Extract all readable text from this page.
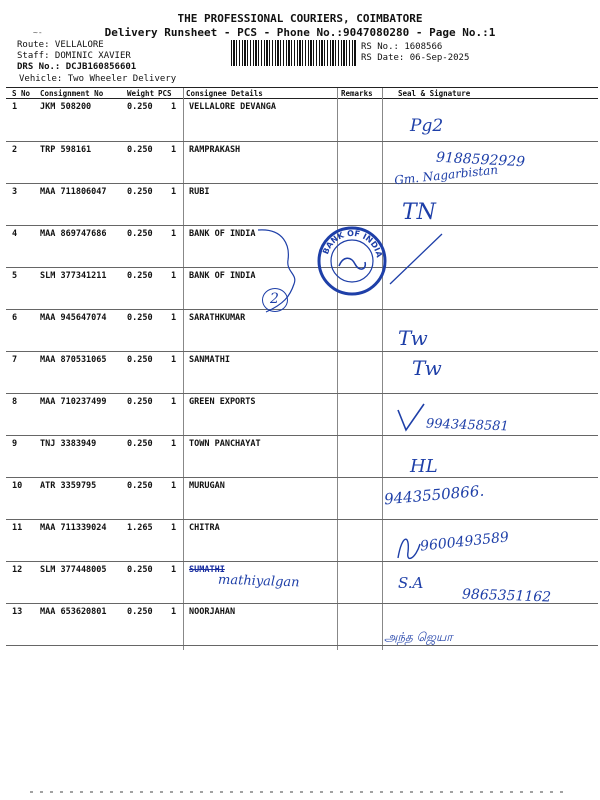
THE PROFESSIONAL COURIERS, COIMBATORE
Delivery Runsheet - PCS - Phone No.:9047080280 - Page No.:1
~-
Route: VELLALORE
Staff: DOMINIC XAVIER
DRS No.: DCJB160856601
Vehicle: Two Wheeler Delivery
RS No.: 1608566
RS Date: 06-Sep-2025
S No Consignment No	Weight PCS Consignee Details	Remarks	Seal & Signature
1	JKM 508200	0.250 1 VELLALORE DEVANGA
2	TRP 598161	0.250 1 RAMPRAKASH
3	MAA 711806047 0.250 1 RUBI
4	MAA 869747686 0.250 1 BANK OF INDIA
5	SLM 377341211 0.250 1 BANK OF INDIA
6	MAA 945647074 0.250 1 SARATHKUMAR
7	MAA 870531065 0.250 1 SANMATHI
8	MAA 710237499 0.250 1 GREEN EXPORTS
9	TNJ 3383949	0.250 1 TOWN PANCHAYAT
10 ATR 3359795	0.250 1 MURUGAN
11 MAA 711339024 1.265 1 CHITRA
12 SLM 377448005 0.250 1 SUMATHI
13 MAA 653620801 0.250 1 NOORJAHAN
Pg2
9188592929
Gm. Nagarbistan
TN
2
BANK OF INDIA
Tw
Tw
9943458581
HL
9443550866.
9600493589
mathiyalgan	S.A
9865351162
அந்த ஜெயா
